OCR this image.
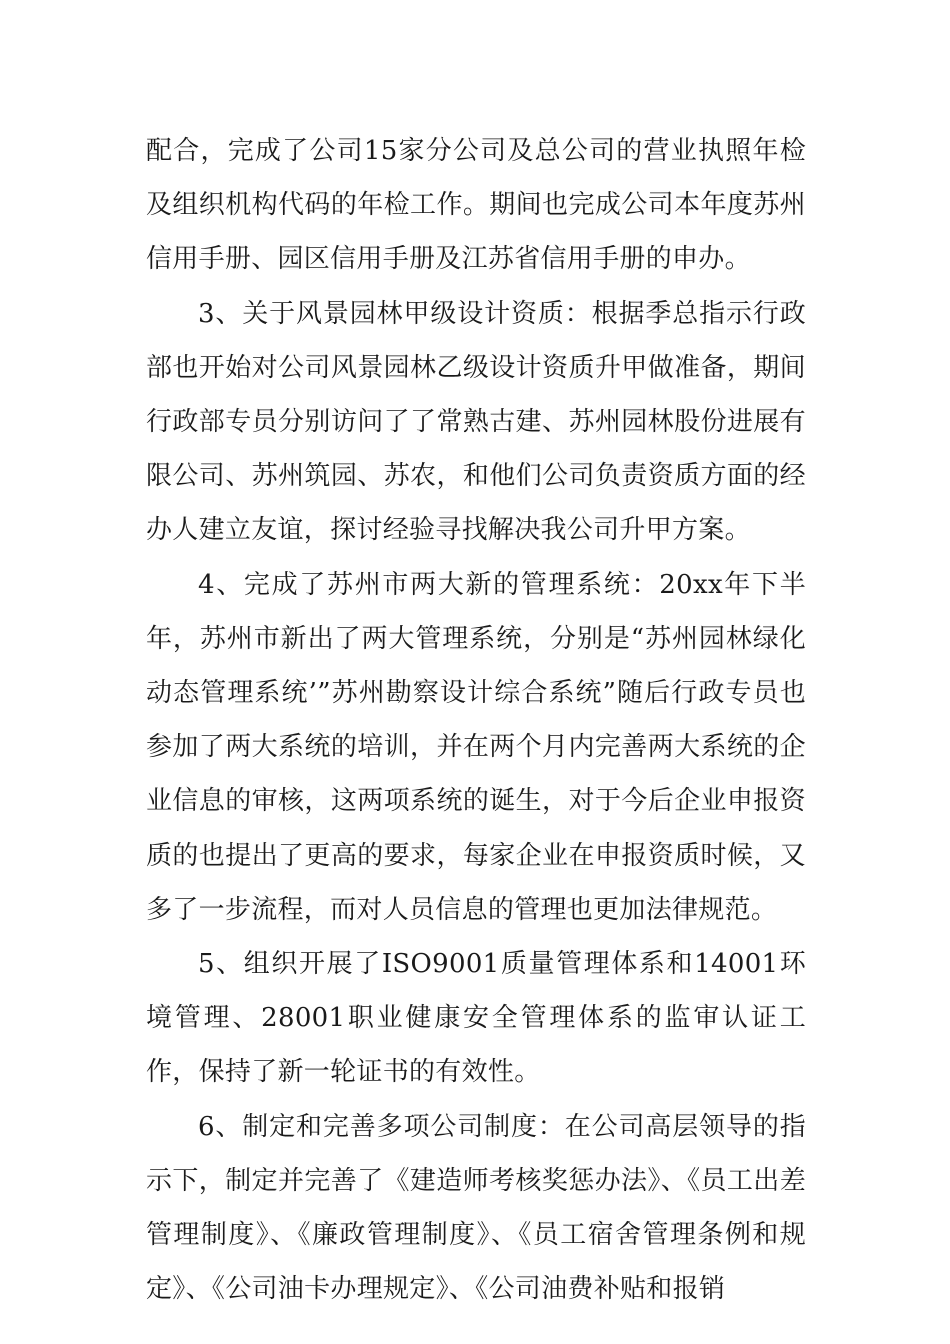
配合，完成了公司15家分公司及总公司的营业执照年检及组织机构代码的年检工作。期间也完成公司本年度苏州信用手册、园区信用手册及江苏省信用手册的申办。

3、关于风景园林甲级设计资质：根据季总指示行政部也开始对公司风景园林乙级设计资质升甲做准备，期间行政部专员分别访问了了常熟古建、苏州园林股份进展有限公司、苏州筑园、苏农，和他们公司负责资质方面的经办人建立友谊，探讨经验寻找解决我公司升甲方案。

4、完成了苏州市两大新的管理系统：20xx年下半年，苏州市新出了两大管理系统，分别是“苏州园林绿化动态管理系统’”苏州勘察设计综合系统”随后行政专员也参加了两大系统的培训，并在两个月内完善两大系统的企业信息的审核，这两项系统的诞生，对于今后企业申报资质的也提出了更高的要求，每家企业在申报资质时候，又多了一步流程，而对人员信息的管理也更加法律规范。

5、组织开展了ISO9001质量管理体系和14001环境管理、28001职业健康安全管理体系的监审认证工作，保持了新一轮证书的有效性。

6、制定和完善多项公司制度：在公司高层领导的指示下，制定并完善了《建造师考核奖惩办法》、《员工出差管理制度》、《廉政管理制度》、《员工宿舍管理条例和规定》、《公司油卡办理规定》、《公司油费补贴和报销
